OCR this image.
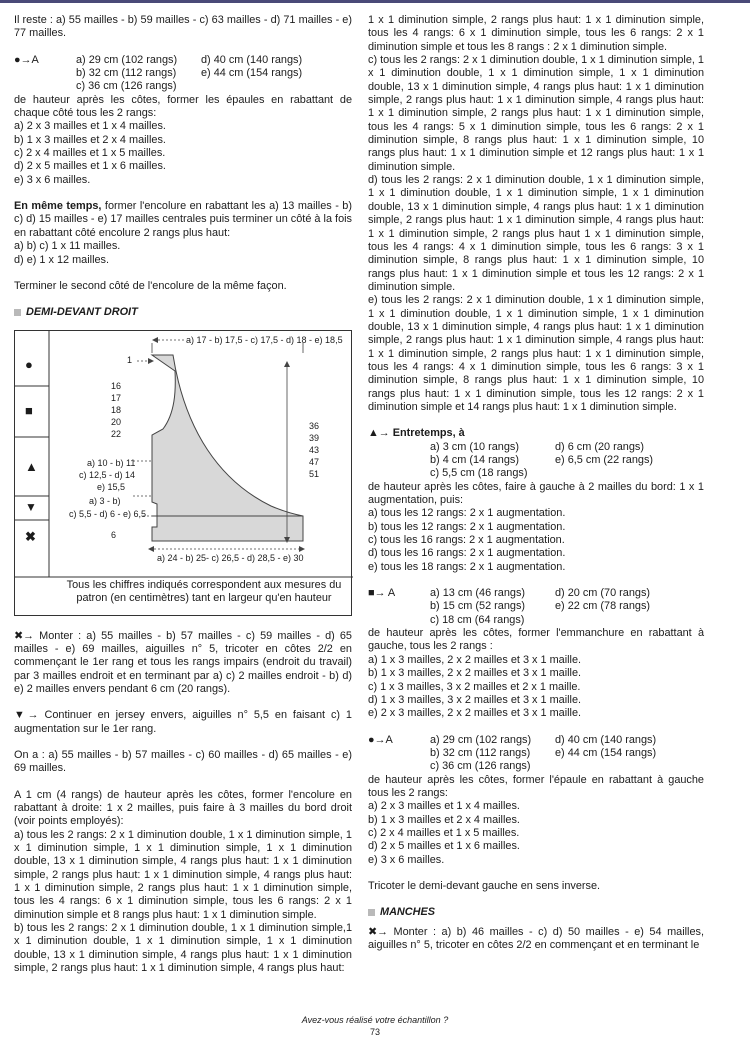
Il reste : a) 55 mailles - b) 59 mailles - c) 63 mailles - d) 71 mailles - e) 77 mailles.

●→A	a) 29 cm (102 rangs)	d) 40 cm (140 rangs)
b) 32 cm (112 rangs)	e) 44 cm (154 rangs)
c) 36 cm (126 rangs)

de hauteur après les côtes, former les épaules en rabattant de chaque côté tous les 2 rangs:

a) 2 x 3 mailles et 1 x 4 mailles.

b) 1 x 3 mailles et 2 x 4 mailles.

c) 2 x 4 mailles et 1 x 5 mailles.

d) 2 x 5 mailles et 1 x 6 mailles.

e) 3 x 6 mailles.

En même temps, former l'encolure en rabattant les a) 13 mailles - b) c) d) 15 mailles - e) 17 mailles centrales puis terminer un côté à la fois en rabattant côté encolure 2 rangs plus haut:

a) b) c) 1 x 11 mailles.

d) e) 1 x 12 mailles.

Terminer le second côté de l'encolure de la même façon.

DEMI-DEVANT DROIT
●
■
▲
▼
✖
a) 17 - b) 17,5 - c) 17,5 - d) 18 - e) 18,5
1
16
17
18
20
22
36
39
43
47
51
a) 10 - b) 11
c) 12,5 - d) 14
e) 15,5
a) 3 - b)
c) 5,5 - d) 6 - e) 6,5
6
a) 24 - b) 25- c) 26,5 - d) 28,5 - e) 30
Tous les chiffres indiqués correspondent aux mesures du patron (en centimètres) tant en largeur qu'en hauteur

✖→ Monter : a) 55 mailles - b) 57 mailles - c) 59 mailles - d) 65 mailles - e) 69 mailles, aiguilles n° 5, tricoter en côtes 2/2 en commençant le 1er rang et tous les rangs impairs (endroit du travail) par 3 mailles endroit et en terminant par a) c) 2 mailles endroit - b) d) e) 2 mailles envers pendant 6 cm (20 rangs).

▼→ Continuer en jersey envers, aiguilles n° 5,5 en faisant c) 1 augmentation sur le 1er rang.

On a : a) 55 mailles - b) 57 mailles - c) 60 mailles - d) 65 mailles - e) 69 mailles.

A 1 cm (4 rangs) de hauteur après les côtes, former l'encolure en rabattant à droite: 1 x 2 mailles, puis faire à 3 mailles du bord droit (voir points employés):

a) tous les 2 rangs: 2 x 1 diminution double, 1 x 1 diminution simple, 1 x 1 diminution simple, 1 x 1 diminution simple, 1 x 1 diminution double, 13 x 1 diminution simple, 4 rangs plus haut: 1 x 1 diminution simple, 2 rangs plus haut: 1 x 1 diminution simple, 4 rangs plus haut: 1 x 1 diminution simple, 2 rangs plus haut: 1 x 1 diminution simple, tous les 4 rangs: 6 x 1 diminution simple, tous les 6 rangs: 2 x 1 diminution simple et 8 rangs plus haut: 1 x 1 diminution simple.

b) tous les 2 rangs: 2 x 1 diminution double, 1 x 1 diminution simple,1 x 1 diminution double, 1 x 1 diminution simple, 1 x 1 diminution double, 13 x 1 diminution simple, 4 rangs plus haut: 1 x 1 diminution simple, 2 rangs plus haut: 1 x 1 diminution simple, 4 rangs plus haut:

1 x 1 diminution simple, 2 rangs plus haut: 1 x 1 diminution simple, tous les 4 rangs: 6 x 1 diminution simple, tous les 6 rangs: 2 x 1 diminution simple et tous les 8 rangs : 2 x 1 diminution simple.

c) tous les 2 rangs: 2 x 1 diminution double, 1 x 1 diminution simple, 1 x 1 diminution double, 1 x 1 diminution simple, 1 x 1 diminution double, 13 x 1 diminution simple, 4 rangs plus haut: 1 x 1 diminution simple, 2 rangs plus haut: 1 x 1 diminution simple, 4 rangs plus haut: 1 x 1 diminution simple, 2 rangs plus haut: 1 x 1 diminution simple, tous les 4 rangs: 5 x 1 diminution simple, tous les 6 rangs: 2 x 1 diminution simple, 8 rangs plus haut: 1 x 1 diminution simple, 10 rangs plus haut: 1 x 1 diminution simple et 12 rangs plus haut: 1 x 1 diminution simple.

d) tous les 2 rangs: 2 x 1 diminution double, 1 x 1 diminution simple, 1 x 1 diminution double, 1 x 1 diminution simple, 1 x 1 diminution double, 13 x 1 diminution simple, 4 rangs plus haut: 1 x 1 diminution simple, 2 rangs plus haut: 1 x 1 diminution simple, 4 rangs plus haut: 1 x 1 diminution simple, 2 rangs plus haut 1 x 1 diminution simple, tous les 4 rangs: 4 x 1 diminution simple, tous les 6 rangs: 3 x 1 diminution simple, 8 rangs plus haut: 1 x 1 diminution simple, 10 rangs plus haut: 1 x 1 diminution simple et tous les 12 rangs: 2 x 1 diminution simple.

e) tous les 2 rangs: 2 x 1 diminution double, 1 x 1 diminution simple, 1 x 1 diminution double, 1 x 1 diminution simple, 1 x 1 diminution double, 13 x 1 diminution simple, 4 rangs plus haut: 1 x 1 diminution simple, 2 rangs plus haut: 1 x 1 diminution simple, 4 rangs plus haut: 1 x 1 diminution simple, 2 rangs plus haut: 1 x 1 diminution simple, tous les 4 rangs: 4 x 1 diminution simple, tous les 6 rangs: 3 x 1 diminution simple, 8 rangs plus haut: 1 x 1 diminution simple, 10 rangs plus haut: 1 x 1 diminution simple, tous les 12 rangs: 2 x 1 diminution simple et 14 rangs plus haut: 1 x 1 diminution simple.

▲→ Entretemps, à

a) 3 cm (10 rangs)	d) 6 cm (20 rangs)
b) 4 cm (14 rangs)	e) 6,5 cm (22 rangs)
c) 5,5 cm (18 rangs)

de hauteur après les côtes, faire à gauche à 2 mailles du bord: 1 x 1 augmentation, puis:

a) tous les 12 rangs: 2 x 1 augmentation.

b) tous les 12 rangs: 2 x 1 augmentation.

c) tous les 16 rangs: 2 x 1 augmentation.

d) tous les 16 rangs: 2 x 1 augmentation.

e) tous les 18 rangs: 2 x 1 augmentation.

■→ A	a) 13 cm (46 rangs)	d) 20 cm (70 rangs)
b) 15 cm (52 rangs)	e) 22 cm (78 rangs)
c) 18 cm (64 rangs)

de hauteur après les côtes, former l'emmanchure en rabattant à gauche, tous les 2 rangs :

a) 1 x 3 mailles, 2 x 2 mailles et 3 x 1 maille.

b) 1 x 3 mailles, 2 x 2 mailles et 3 x 1 maille.

c) 1 x 3 mailles, 3 x 2 mailles et 2 x 1 maille.

d) 1 x 3 mailles, 3 x 2 mailles et 3 x 1 maille.

e) 2 x 3 mailles, 2 x 2 mailles et 3 x 1 maille.

●→A	a) 29 cm (102 rangs)	d) 40 cm (140 rangs)
b) 32 cm (112 rangs)	e) 44 cm (154 rangs)
c) 36 cm (126 rangs)

de hauteur après les côtes, former l'épaule en rabattant à gauche tous les 2 rangs:

a) 2 x 3 mailles et 1 x 4 mailles.

b) 1 x 3 mailles et 2 x 4 mailles.

c) 2 x 4 mailles et 1 x 5 mailles.

d) 2 x 5 mailles et 1 x 6 mailles.

e) 3 x 6 mailles.

Tricoter le demi-devant gauche en sens inverse.

MANCHES

✖→ Monter : a) b) 46 mailles - c) d) 50 mailles - e) 54 mailles, aiguilles n° 5, tricoter en côtes 2/2 en commençant et en terminant le

Avez-vous réalisé votre échantillon ?
73
